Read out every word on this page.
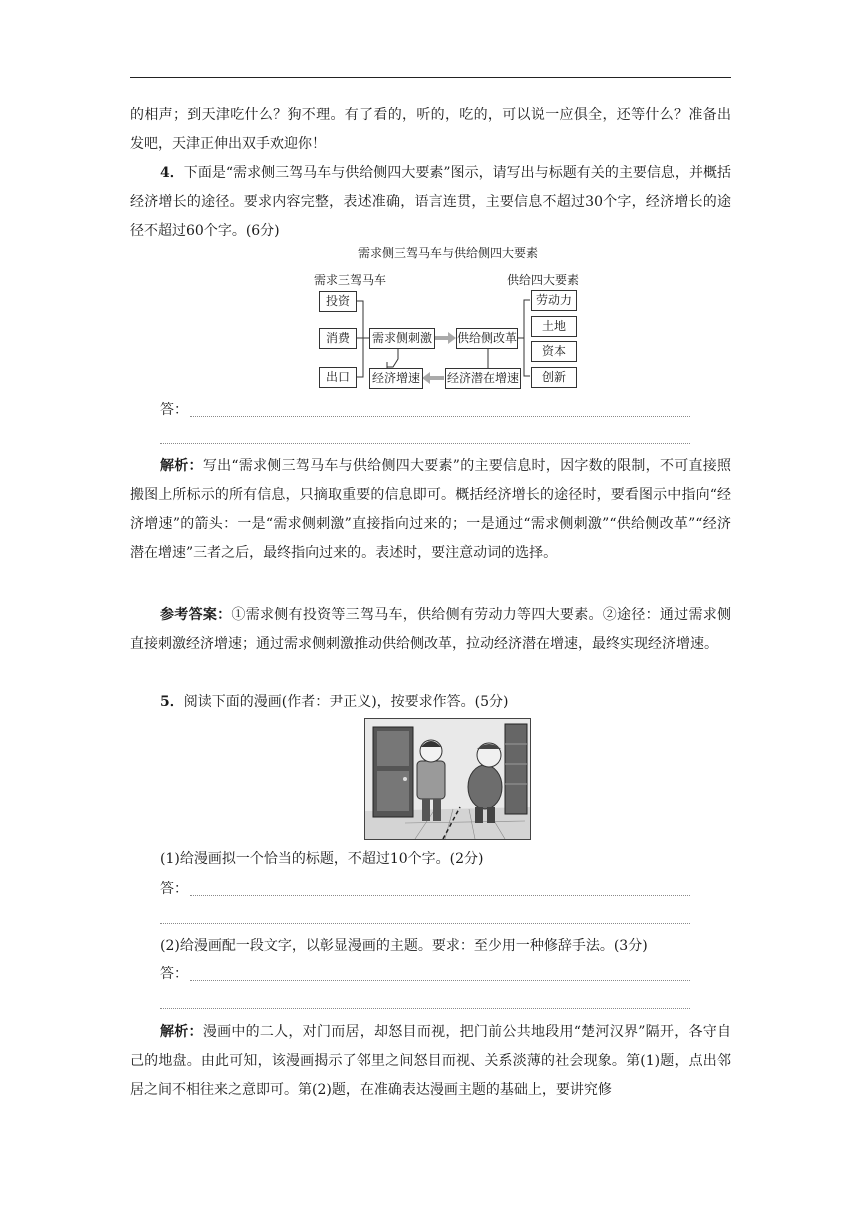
的相声；到天津吃什么？狗不理。有了看的，听的，吃的，可以说一应俱全，还等什么？准备出发吧，天津正伸出双手欢迎你！

4．下面是“需求侧三驾马车与供给侧四大要素”图示，请写出与标题有关的主要信息，并概括经济增长的途径。要求内容完整，表述准确，语言连贯，主要信息不超过30个字，经济增长的途径不超过60个字。(6分)

需求侧三驾马车与供给侧四大要素
需求三驾马车	供给四大要素
投资
消费
出口
需求侧刺激 供给侧改革
经济增速 经济潜在增速
劳动力
土地
资本
创新
答：

解析：写出“需求侧三驾马车与供给侧四大要素”的主要信息时，因字数的限制，不可直接照搬图上所标示的所有信息，只摘取重要的信息即可。概括经济增长的途径时，要看图示中指向“经济增速”的箭头：一是“需求侧刺激”直接指向过来的；一是通过“需求侧刺激”“供给侧改革”“经济潜在增速”三者之后，最终指向过来的。表述时，要注意动词的选择。

参考答案：①需求侧有投资等三驾马车，供给侧有劳动力等四大要素。②途径：通过需求侧直接刺激经济增速；通过需求侧刺激推动供给侧改革，拉动经济潜在增速，最终实现经济增速。

5．阅读下面的漫画(作者：尹正义)，按要求作答。(5分)

(1)给漫画拟一个恰当的标题，不超过10个字。(2分)

答：

(2)给漫画配一段文字，以彰显漫画的主题。要求：至少用一种修辞手法。(3分)

答：

解析：漫画中的二人，对门而居，却怒目而视，把门前公共地段用“楚河汉界”隔开，各守自己的地盘。由此可知，该漫画揭示了邻里之间怒目而视、关系淡薄的社会现象。第(1)题，点出邻居之间不相往来之意即可。第(2)题，在准确表达漫画主题的基础上，要讲究修
